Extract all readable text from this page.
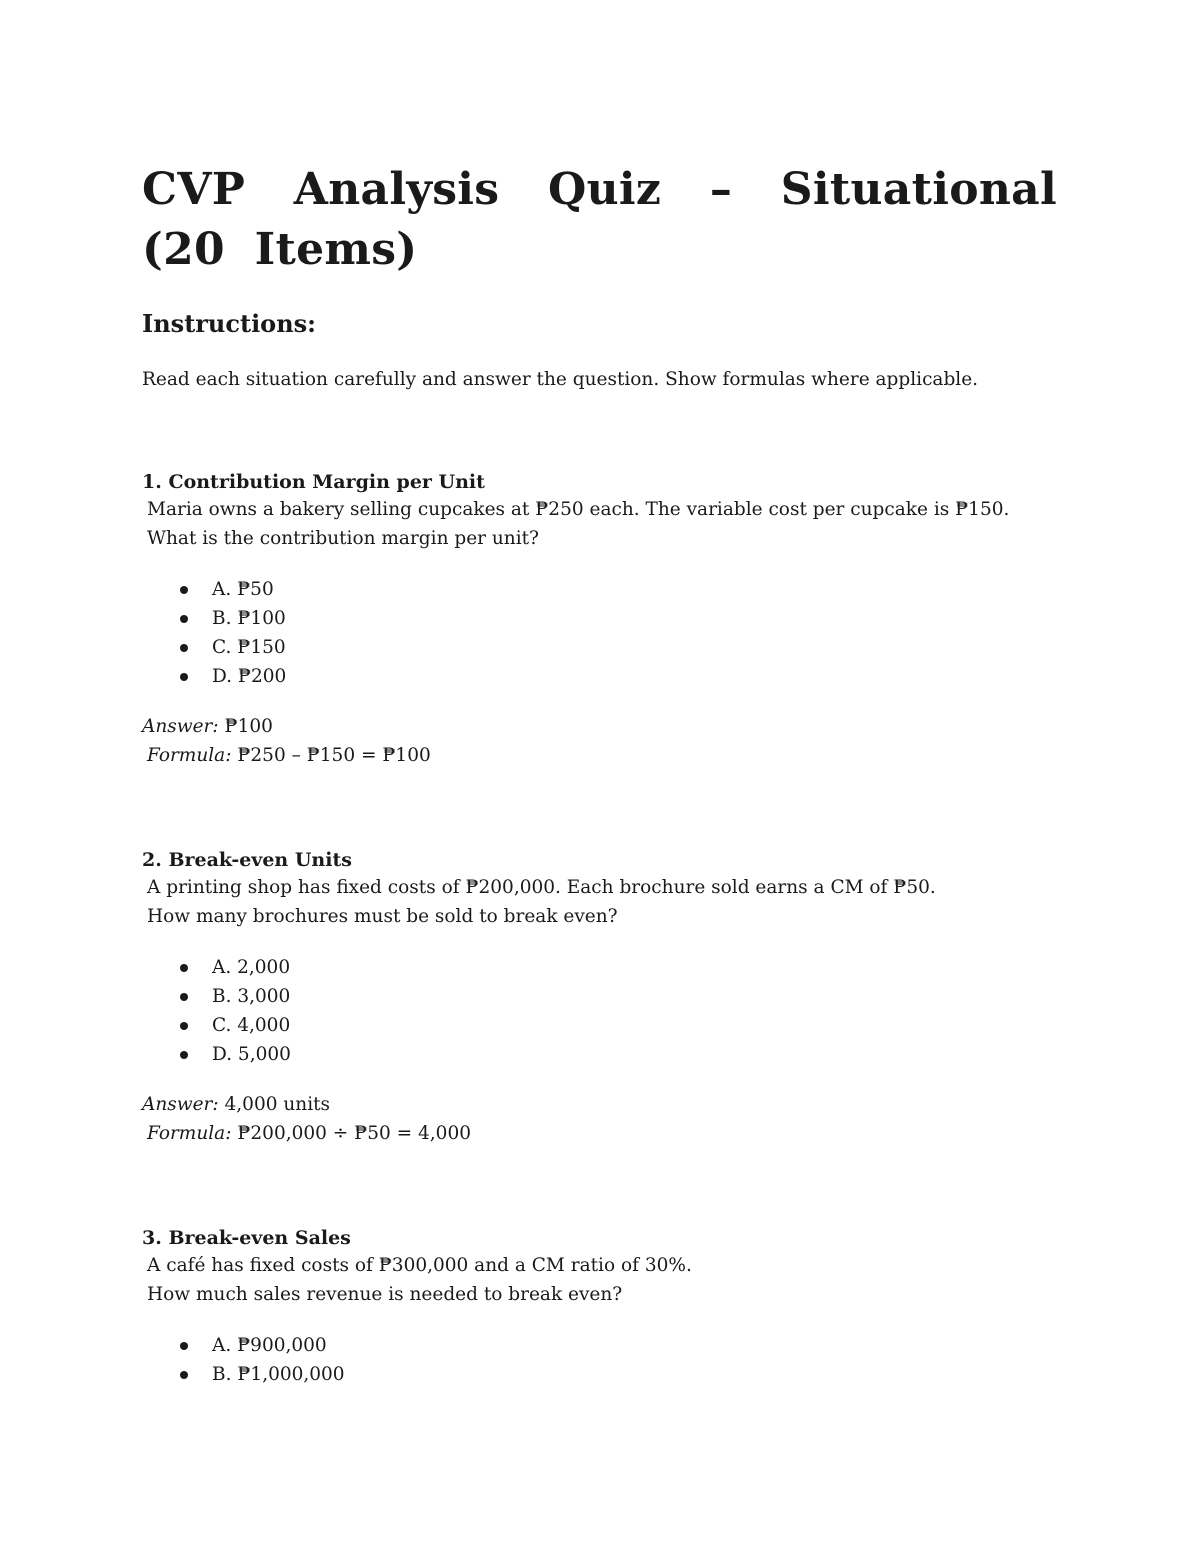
CVP Analysis Quiz – Situational (20 Items)
Instructions:

Read each situation carefully and answer the question. Show formulas where applicable.

1. Contribution Margin per Unit

Maria owns a bakery selling cupcakes at ₱250 each. The variable cost per cupcake is ₱150.

What is the contribution margin per unit?

A. ₱50
B. ₱100
C. ₱150
D. ₱200

Answer: ₱100

Formula: ₱250 – ₱150 = ₱100

2. Break-even Units

A printing shop has fixed costs of ₱200,000. Each brochure sold earns a CM of ₱50.

How many brochures must be sold to break even?

A. 2,000
B. 3,000
C. 4,000
D. 5,000

Answer: 4,000 units

Formula: ₱200,000 ÷ ₱50 = 4,000

3. Break-even Sales

A café has fixed costs of ₱300,000 and a CM ratio of 30%.

How much sales revenue is needed to break even?

A. ₱900,000
B. ₱1,000,000
